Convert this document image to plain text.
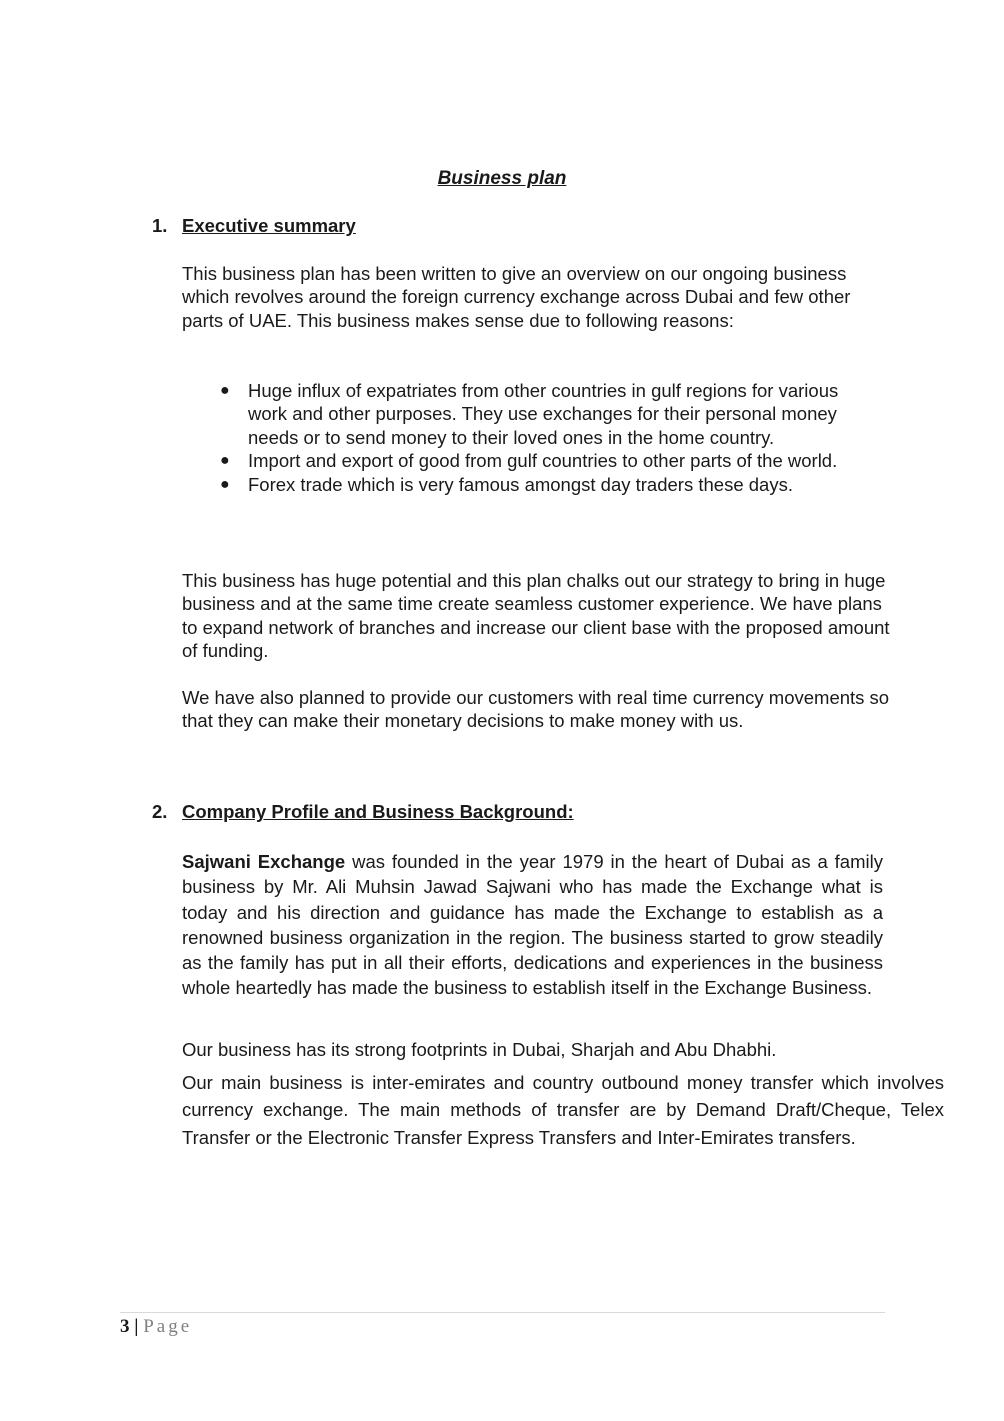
Business plan
1. Executive summary

This business plan has been written to give an overview on our ongoing business which revolves around the foreign currency exchange across Dubai and few other parts of UAE. This business makes sense due to following reasons:

● Huge influx of expatriates from other countries in gulf regions for various work and other purposes. They use exchanges for their personal money needs or to send money to their loved ones in the home country.
● Import and export of good from gulf countries to other parts of the world.
● Forex trade which is very famous amongst day traders these days.

This business has huge potential and this plan chalks out our strategy to bring in huge business and at the same time create seamless customer experience. We have plans to expand network of branches and increase our client base with the proposed amount of funding.

We have also planned to provide our customers with real time currency movements so that they can make their monetary decisions to make money with us.

2. Company Profile and Business Background:

Sajwani Exchange was founded in the year 1979 in the heart of Dubai as a family business by Mr. Ali Muhsin Jawad Sajwani who has made the Exchange what is today and his direction and guidance has made the Exchange to establish as a renowned business organization in the region. The business started to grow steadily as the family has put in all their efforts, dedications and experiences in the business whole heartedly has made the business to establish itself in the Exchange Business.

Our business has its strong footprints in Dubai, Sharjah and Abu Dhabhi.

Our main business is inter-emirates and country outbound money transfer which involves currency exchange. The main methods of transfer are by Demand Draft/Cheque, Telex Transfer or the Electronic Transfer Express Transfers and Inter-Emirates transfers.

3 | Page
